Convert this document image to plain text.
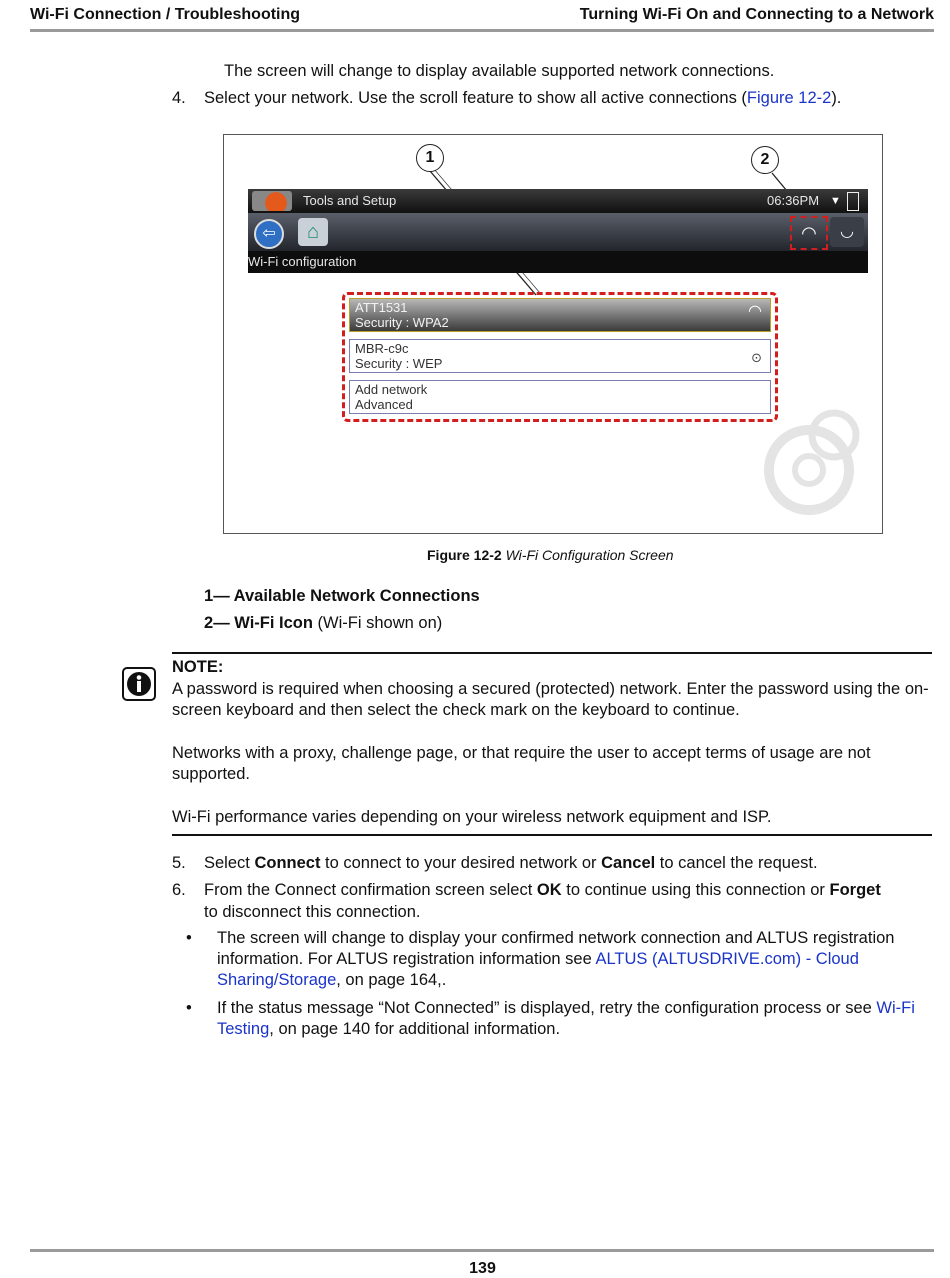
Wi-Fi Connection / Troubleshooting	Turning Wi-Fi On and Connecting to a Network
The screen will change to display available supported network connections.
4. Select your network. Use the scroll feature to show all active connections (Figure 12-2).
1	2
Tools and Setup	06:36PM ▼
⇦	⌂	◠	◡
Wi-Fi configuration
ATT1531
Security : WPA2
◠
MBR-c9c
Security : WEP	⊙
Add network
Advanced
Figure 12-2 Wi-Fi Configuration Screen
1— Available Network Connections
2— Wi-Fi Icon (Wi-Fi shown on)
NOTE:
A password is required when choosing a secured (protected) network. Enter the password using the on-screen keyboard and then select the check mark on the keyboard to continue.
Networks with a proxy, challenge page, or that require the user to accept terms of usage are not supported.
Wi-Fi performance varies depending on your wireless network equipment and ISP.
5. Select Connect to connect to your desired network or Cancel to cancel the request.
6. From the Connect confirmation screen select OK to continue using this connection or Forget
to disconnect this connection.
• The screen will change to display your confirmed network connection and ALTUS registration information. For ALTUS registration information see ALTUS (ALTUSDRIVE.com) - Cloud Sharing/Storage, on page 164,.
• If the status message “Not Connected” is displayed, retry the configuration process or see Wi-Fi Testing, on page 140 for additional information.
139
